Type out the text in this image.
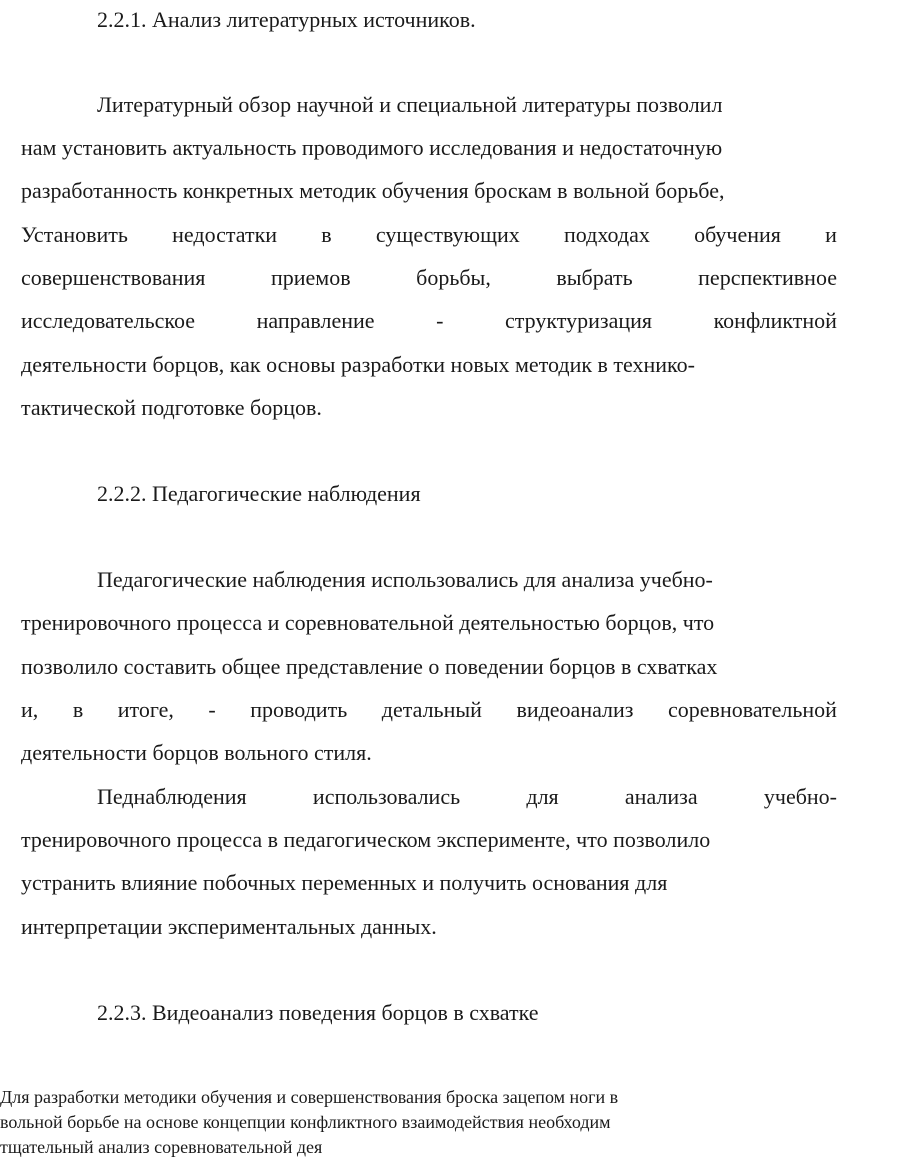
2.2.1. Анализ литературных источников.
Литературный обзор научной и специальной литературы позволил
нам установить актуальность проводимого исследования и недостаточную
разработанность конкретных методик обучения броскам в вольной борьбе,
Установить недостатки в существующих подходах обучения и
совершенствования	приемов	борьбы,	выбрать	перспективное
исследовательское	направление	-	структуризация	конфликтной
деятельности борцов, как основы разработки новых методик в технико-
тактической подготовке борцов.
2.2.2. Педагогические наблюдения
Педагогические наблюдения использовались для анализа учебно-
тренировочного процесса и соревновательной деятельностью борцов, что
позволило составить общее представление о поведении борцов в схватках
и, в итоге, - проводить детальный видеоанализ соревновательной
деятельности борцов вольного стиля.
Педнаблюдения	использовались	для	анализа	учебно-
тренировочного процесса в педагогическом эксперименте, что позволило
устранить влияние побочных переменных и получить основания для
интерпретации экспериментальных данных.
2.2.3. Видеоанализ поведения борцов в схватке
Для разработки методики обучения и совершенствования броска зацепом ноги в
вольной борьбе на основе концепции конфликтного взаимодействия необходим
тщательный анализ соревновательной дея
